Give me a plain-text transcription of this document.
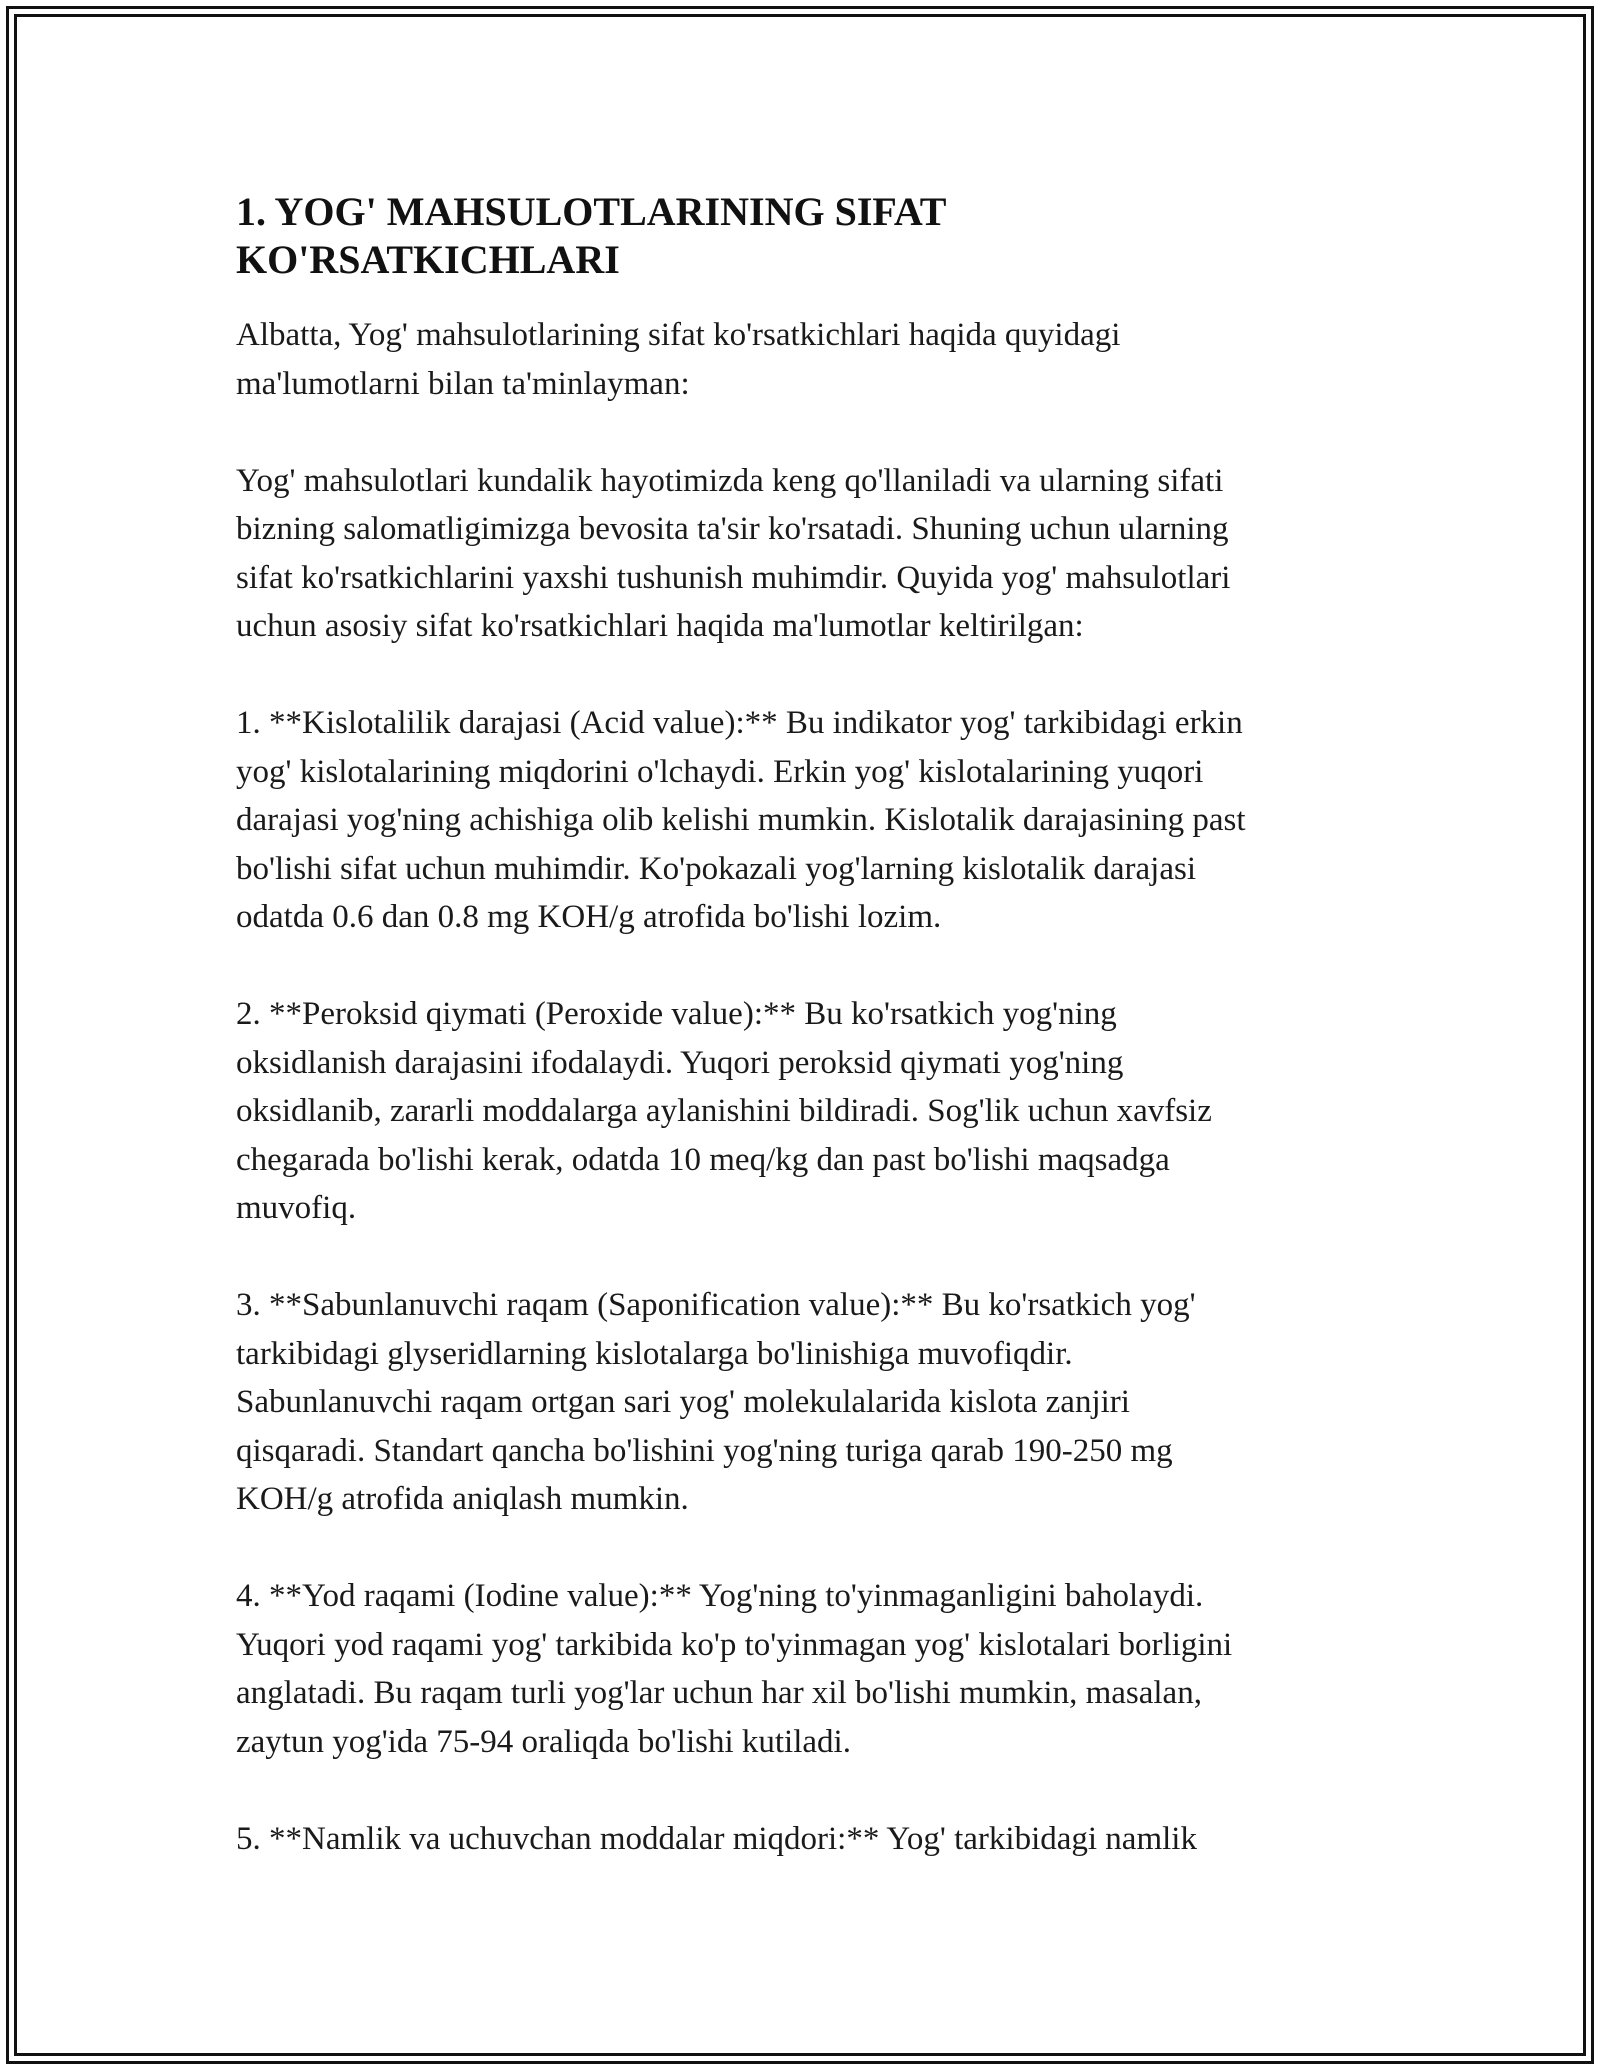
1. YOG' MAHSULOTLARINING SIFAT
KO'RSATKICHLARI

Albatta, Yog' mahsulotlarining sifat ko'rsatkichlari haqida quyidagi
ma'lumotlarni bilan ta'minlayman:

Yog' mahsulotlari kundalik hayotimizda keng qo'llaniladi va ularning sifati
bizning salomatligimizga bevosita ta'sir ko'rsatadi. Shuning uchun ularning
sifat ko'rsatkichlarini yaxshi tushunish muhimdir. Quyida yog' mahsulotlari
uchun asosiy sifat ko'rsatkichlari haqida ma'lumotlar keltirilgan:

1. **Kislotalilik darajasi (Acid value):** Bu indikator yog' tarkibidagi erkin
yog' kislotalarining miqdorini o'lchaydi. Erkin yog' kislotalarining yuqori
darajasi yog'ning achishiga olib kelishi mumkin. Kislotalik darajasining past
bo'lishi sifat uchun muhimdir. Ko'pokazali yog'larning kislotalik darajasi
odatda 0.6 dan 0.8 mg KOH/g atrofida bo'lishi lozim.

2. **Peroksid qiymati (Peroxide value):** Bu ko'rsatkich yog'ning
oksidlanish darajasini ifodalaydi. Yuqori peroksid qiymati yog'ning
oksidlanib, zararli moddalarga aylanishini bildiradi. Sog'lik uchun xavfsiz
chegarada bo'lishi kerak, odatda 10 meq/kg dan past bo'lishi maqsadga
muvofiq.

3. **Sabunlanuvchi raqam (Saponification value):** Bu ko'rsatkich yog'
tarkibidagi glyseridlarning kislotalarga bo'linishiga muvofiqdir.
Sabunlanuvchi raqam ortgan sari yog' molekulalarida kislota zanjiri
qisqaradi. Standart qancha bo'lishini yog'ning turiga qarab 190-250 mg
KOH/g atrofida aniqlash mumkin.

4. **Yod raqami (Iodine value):** Yog'ning to'yinmaganligini baholaydi.
Yuqori yod raqami yog' tarkibida ko'p to'yinmagan yog' kislotalari borligini
anglatadi. Bu raqam turli yog'lar uchun har xil bo'lishi mumkin, masalan,
zaytun yog'ida 75-94 oraliqda bo'lishi kutiladi.

5. **Namlik va uchuvchan moddalar miqdori:** Yog' tarkibidagi namlik
